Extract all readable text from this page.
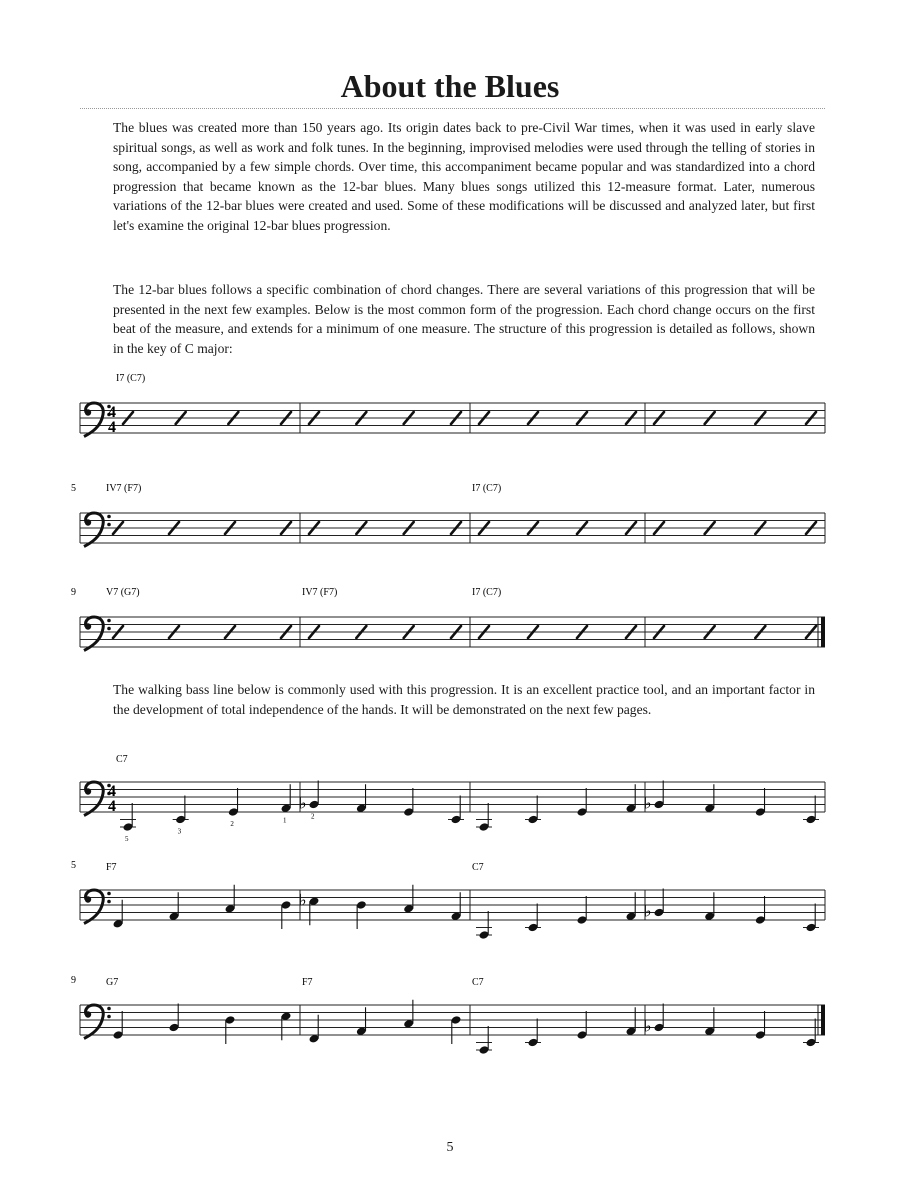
About the Blues

The blues was created more than 150 years ago. Its origin dates back to pre-Civil War times, when it was used in early slave spiritual songs, as well as work and folk tunes. In the beginning, improvised melodies were used through the telling of stories in song, accompanied by a few simple chords. Over time, this accompaniment became popular and was standardized into a chord progression that became known as the 12-bar blues. Many blues songs utilized this 12-measure format. Later, numerous variations of the 12-bar blues were created and used. Some of these modifications will be discussed and analyzed later, but first let's examine the original 12-bar blues progression.

The 12-bar blues follows a specific combination of chord changes. There are several variations of this progression that will be presented in the next few examples. Below is the most common form of the progression. Each chord change occurs on the first beat of the measure, and extends for a minimum of one measure. The structure of this progression is detailed as follows, shown in the key of C major:

4
4
I7 (C7)
5	IV7 (F7)	I7 (C7)
9	V7 (G7)	IV7 (F7)	I7 (C7)

The walking bass line below is commonly used with this progression. It is an excellent practice tool, and an important factor in the development of total independence of the hands. It will be demonstrated on the next few pages.

4
4
C7
5
3
2	1
♭	♭
2
5	F7	C7
♭
♭
9	G7	F7	C7
♭
5
